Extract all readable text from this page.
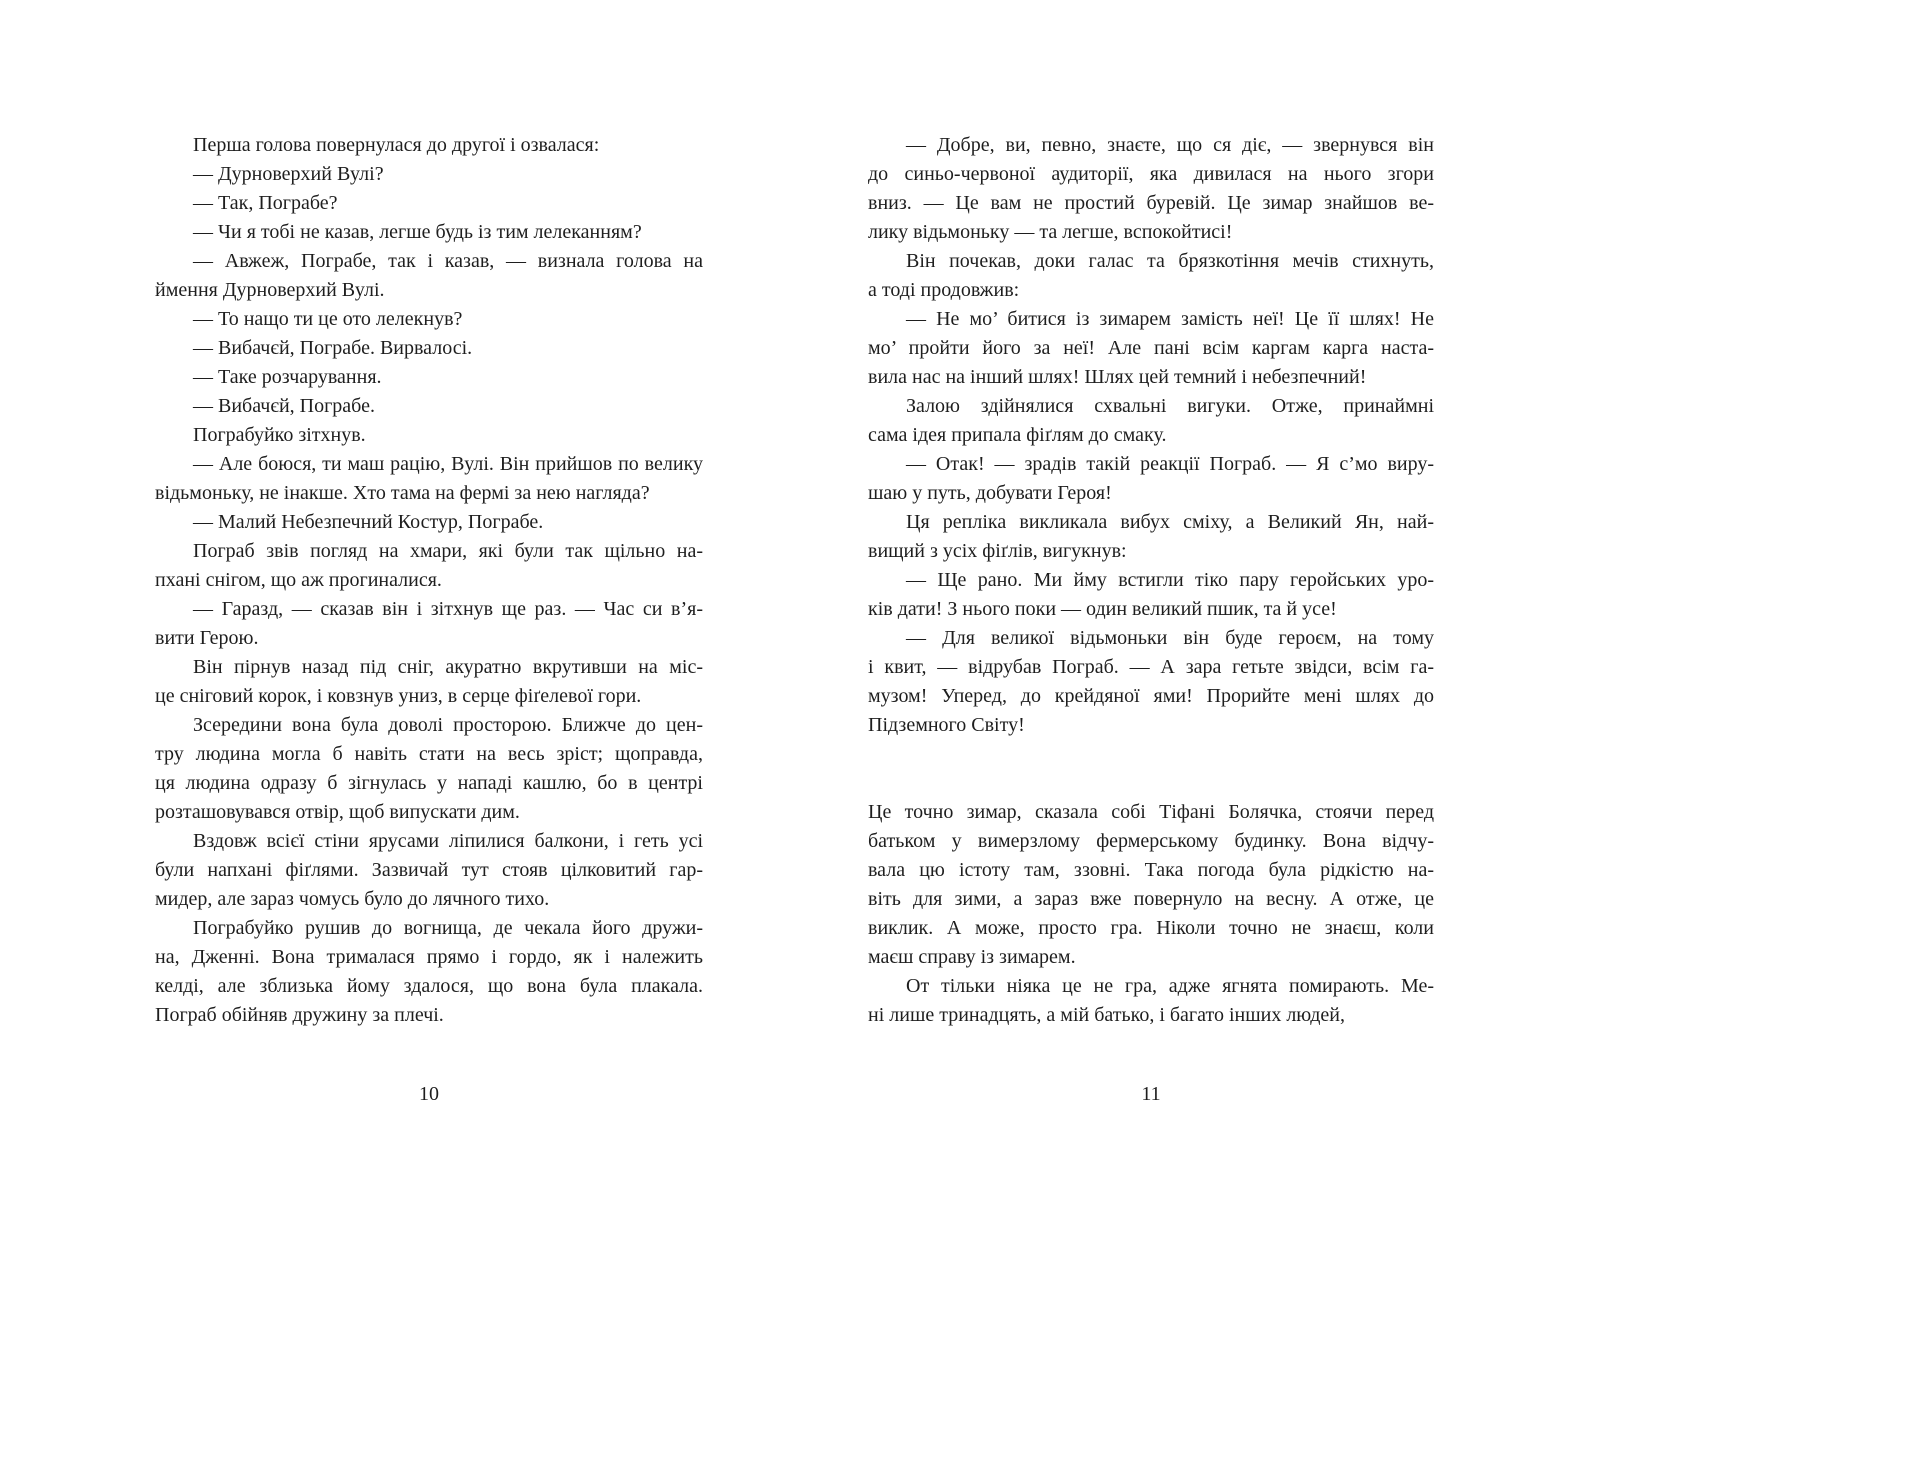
Перша голова повернулася до другої і озвалася:
— Дурноверхий Вулі?
— Так, Пограбе?
— Чи я тобі не казав, легше будь із тим лелеканням?
— Авжеж, Пограбе, так і казав, — визнала голова на
ймення Дурноверхий Вулі.
— То нащо ти це ото лелекнув?
— Вибачєй, Пограбе. Вирвалосі.
— Таке розчарування.
— Вибачєй, Пограбе.
Пограбуйко зітхнув.
— Але боюся, ти маш рацію, Вулі. Він прийшов по велику
відьмоньку, не інакше. Хто тама на фермі за нею нагляда?
— Малий Небезпечний Костур, Пограбе.
Пограб звів погляд на хмари, які були так щільно на-
пхані снігом, що аж прогиналися.
— Гаразд, — сказав він і зітхнув ще раз. — Час си в’я-
вити Герою.
Він пірнув назад під сніг, акуратно вкрутивши на міс-
це сніговий корок, і ковзнув униз, в серце фіґелевої гори.
Зсередини вона була доволі просторою. Ближче до цен-
тру людина могла б навіть стати на весь зріст; щоправда,
ця людина одразу б зігнулась у нападі кашлю, бо в центрі
розташовувався отвір, щоб випускати дим.
Вздовж всієї стіни ярусами ліпилися балкони, і геть усі
були напхані фіґлями. Зазвичай тут стояв цілковитий гар-
мидер, але зараз чомусь було до лячного тихо.
Пограбуйко рушив до вогнища, де чекала його дружи-
на, Дженні. Вона трималася прямо і гордо, як і належить
келді, але зблизька йому здалося, що вона була плакала.
Пограб обійняв дружину за плечі.
— Добре, ви, певно, знаєте, що ся діє, — звернувся він
до синьо-червоної аудиторії, яка дивилася на нього згори
вниз. — Це вам не простий буревій. Це зимар знайшов ве-
лику відьмоньку — та легше, вспокойтисі!
Він почекав, доки галас та брязкотіння мечів стихнуть,
а тоді продовжив:
— Не мо’ битися із зимарем замість неї! Це її шлях! Не
мо’ пройти його за неї! Але пані всім каргам карга наста-
вила нас на інший шлях! Шлях цей темний і небезпечний!
Залою здійнялися схвальні вигуки. Отже, принаймні
сама ідея припала фіґлям до смаку.
— Отак! — зрадів такій реакції Пограб. — Я с’мо виру-
шаю у путь, добувати Героя!
Ця репліка викликала вибух сміху, а Великий Ян, най-
вищий з усіх фіґлів, вигукнув:
— Ще рано. Ми йму встигли тіко пару геройських уро-
ків дати! З нього поки — один великий пшик, та й усе!
— Для великої відьмоньки він буде героєм, на тому
і квит, — відрубав Пограб. — А зара гетьте звідси, всім га-
музом! Уперед, до крейдяної ями! Прорийте мені шлях до
Підземного Світу!
Це точно зимар, сказала собі Тіфані Болячка, стоячи перед
батьком у вимерзлому фермерському будинку. Вона відчу-
вала цю істоту там, ззовні. Така погода була рідкістю на-
віть для зими, а зараз вже повернуло на весну. А отже, це
виклик. А може, просто гра. Ніколи точно не знаєш, коли
маєш справу із зимарем.
От тільки ніяка це не гра, адже ягнята помирають. Ме-
ні лише тринадцять, а мій батько, і багато інших людей,
10	11
